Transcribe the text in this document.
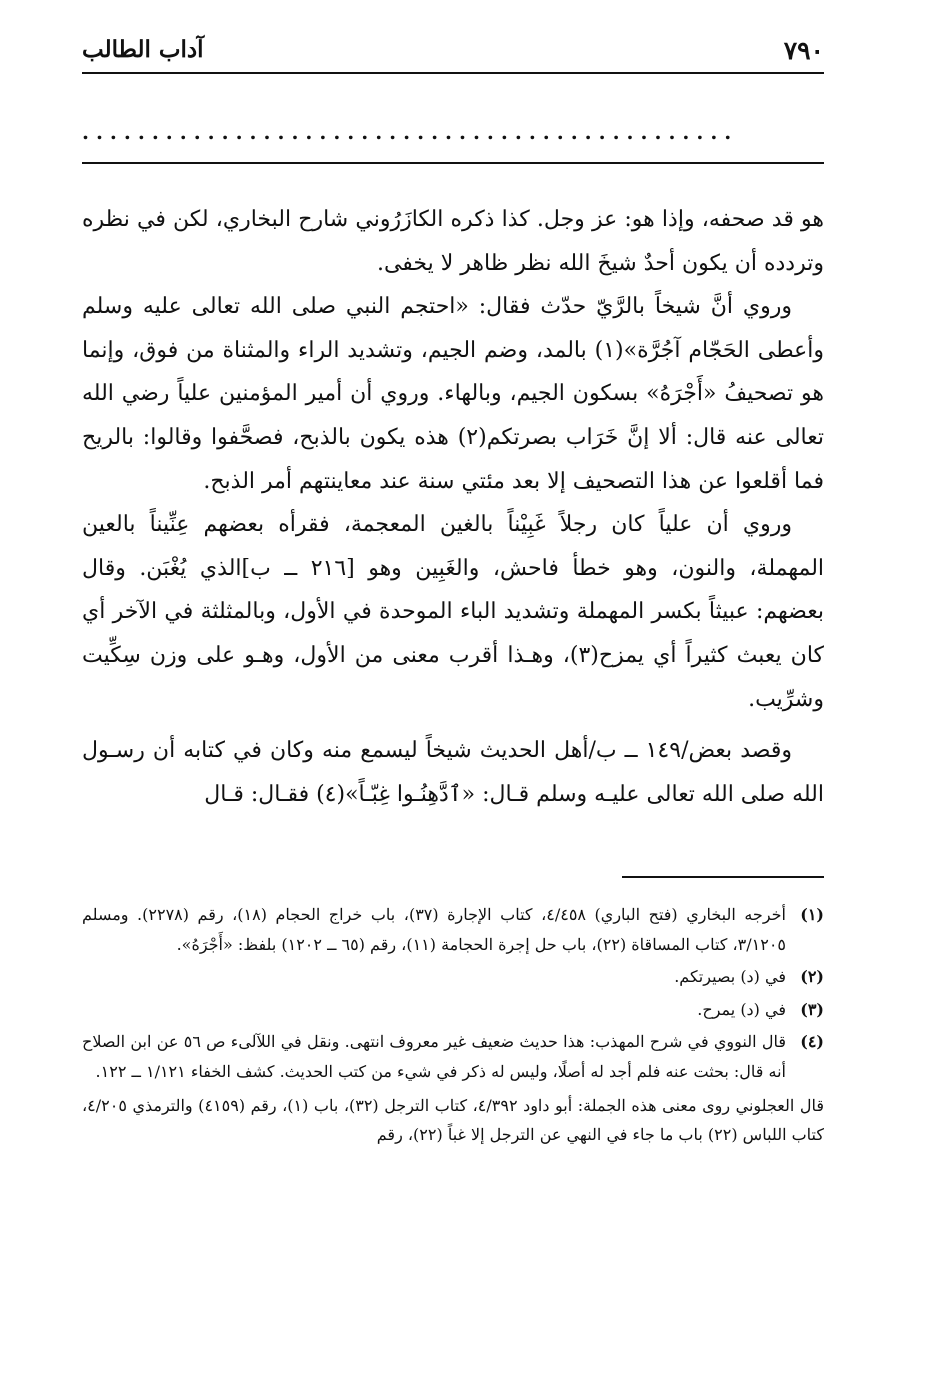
٧٩٠
آداب الطالب
...............................................

هو قد صحفه، وإذا هو: عز وجل. كذا ذكره الكازَرُوني شارح البخاري، لكن في نظره وتردده أن يكون أحدٌ شيخَ الله نظر ظاهر لا يخفى.

وروي أنَّ شيخاً بالرَّيّ حدّث فقال: «احتجم النبي صلى الله تعالى عليه وسلم وأعطى الحَجّام آجُرَّة»(١) بالمد، وضم الجيم، وتشديد الراء والمثناة من فوق، وإنما هو تصحيفُ «أَجْرَهُ» بسكون الجيم، وبالهاء. وروي أن أمير المؤمنين علياً رضي الله تعالى عنه قال: ألا إنَّ خَرَاب بصرتكم(٢) هذه يكون بالذبح، فصحَّفوا وقالوا: بالريح فما أقلعوا عن هذا التصحيف إلا بعد مئتي سنة عند معاينتهم أمر الذبح.

وروي أن علياً كان رجلاً غَبِيْناً بالغين المعجمة، فقرأه بعضهم عِنِّيناً بالعين المهملة، والنون، وهو خطأ فاحش، والغَبِين وهو [٢١٦ ــ ب]الذي يُغْبَن. وقال بعضهم: عبيثاً بكسر المهملة وتشديد الباء الموحدة في الأول، وبالمثلثة في الآخر أي كان يعبث كثيراً أي يمزح(٣)، وهـذا أقرب معنى من الأول، وهـو على وزن سِكِّيت وشرِّيب.

وقصد بعض/١٤٩ ــ ب/أهل الحديث شيخاً ليسمع منه وكان في كتابه أن رسـول الله صلى الله تعالى عليـه وسلم قـال: «ٱدَّهِنُـوا غِبّـاً»(٤) فقـال: قـال

(١)
أخرجه البخاري (فتح الباري) ٤/٤٥٨، كتاب الإجارة (٣٧)، باب خراج الحجام (١٨)، رقم (٢٢٧٨). ومسلم ٣/١٢٠٥، كتاب المساقاة (٢٢)، باب حل إجرة الحجامة (١١)، رقم (٦٥ ــ ١٢٠٢) بلفظ: «أَجْرَهُ».
(٢)
في (د) بصيرتكم.
(٣)
في (د) يمرح.
(٤)
قال النووي في شرح المهذب: هذا حديث ضعيف غير معروف انتهى. ونقل في اللآلىء ص ٥٦ عن ابن الصلاح أنه قال: بحثت عنه فلم أجد له أصلًا، وليس له ذكر في شيء من كتب الحديث. كشف الخفاء ١/١٢١ ــ ١٢٢.
قال العجلوني روى معنى هذه الجملة: أبو داود ٤/٣٩٢، كتاب الترجل (٣٢)، باب (١)، رقم (٤١٥٩) والترمذي ٤/٢٠٥، كتاب اللباس (٢٢) باب ما جاء في النهي عن الترجل إلا غباً (٢٢)، رقم
